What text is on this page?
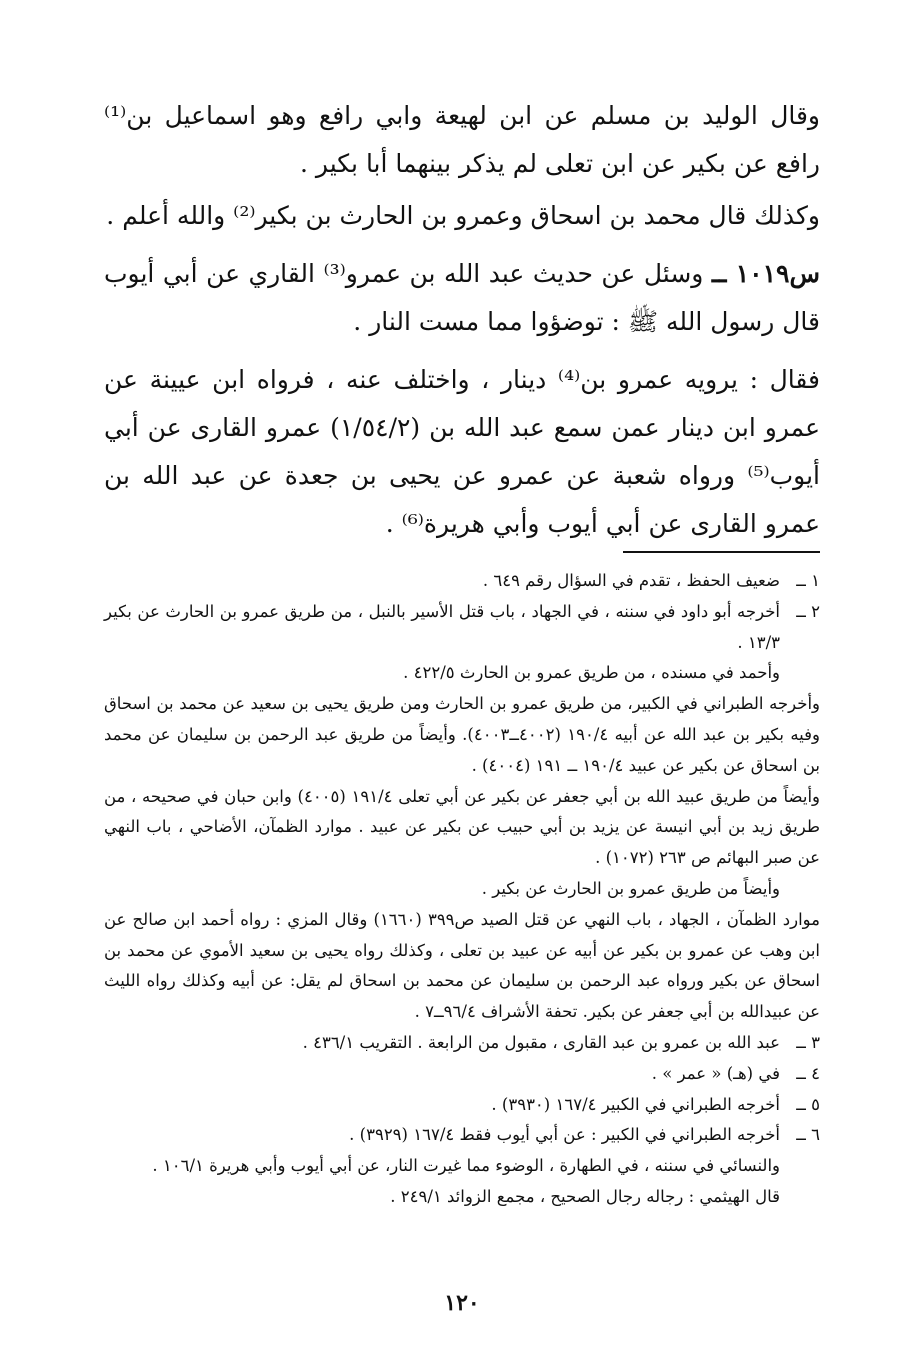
وقال الوليد بن مسلم عن ابن لهيعة وابي رافع وهو اسماعيل بن⁽¹⁾ رافع عن بكير عن ابن تعلى لم يذكر بينهما أبا بكير .

وكذلك قال محمد بن اسحاق وعمرو بن الحارث بن بكير⁽²⁾ والله أعلم .

س١٠١٩ ــ وسئل عن حديث عبد الله بن عمرو⁽³⁾ القاري عن أبي أيوب قال رسول الله ﷺ : توضؤوا مما مست النار .

فقال : يرويه عمرو بن⁽⁴⁾ دينار ، واختلف عنه ، فرواه ابن عيينة عن عمرو ابن دينار عمن سمع عبد الله بن (١/٥٤/٢) عمرو القارى عن أبي أيوب⁽⁵⁾ ورواه شعبة عن عمرو عن يحيى بن جعدة عن عبد الله بن عمرو القارى عن أبي أيوب وأبي هريرة⁽⁶⁾ .

١ ــ
ضعيف الحفظ ، تقدم في السؤال رقم ٦٤٩ .
٢ ــ
أخرجه أبو داود في سننه ، في الجهاد ، باب قتل الأسير بالنبل ، من طريق عمرو بن الحارث عن بكير ١٣/٣ .
وأحمد في مسنده ، من طريق عمرو بن الحارث ٤٢٢/٥ .
وأخرجه الطبراني في الكبير، من طريق عمرو بن الحارث ومن طريق يحيى بن سعيد عن محمد بن اسحاق وفيه بكير بن عبد الله عن أبيه ١٩٠/٤ (٤٠٠٢ــ٤٠٠٣). وأيضاً من طريق عبد الرحمن بن سليمان عن محمد بن اسحاق عن بكير عن عبيد ١٩٠/٤ ــ ١٩١ (٤٠٠٤) .
وأيضاً من طريق عبيد الله بن أبي جعفر عن بكير عن أبي تعلى ١٩١/٤ (٤٠٠٥) وابن حبان في صحيحه ، من طريق زيد بن أبي انيسة عن يزيد بن أبي حبيب عن بكير عن عبيد . موارد الظمآن، الأضاحي ، باب النهي عن صبر البهائم ص ٢٦٣ (١٠٧٢) .
وأيضاً من طريق عمرو بن الحارث عن بكير .
موارد الظمآن ، الجهاد ، باب النهي عن قتل الصيد ص٣٩٩ (١٦٦٠) وقال المزي : رواه أحمد ابن صالح عن ابن وهب عن عمرو بن بكير عن أبيه عن عبيد بن تعلى ، وكذلك رواه يحيى بن سعيد الأموي عن محمد بن اسحاق عن بكير ورواه عبد الرحمن بن سليمان عن محمد بن اسحاق لم يقل: عن أبيه وكذلك رواه الليث عن عبيدالله بن أبي جعفر عن بكير. تحفة الأشراف ٩٦/٤ــ٧ .
٣ ــ
عبد الله بن عمرو بن عبد القارى ، مقبول من الرابعة . التقريب ٤٣٦/١ .
٤ ــ
في (هـ) « عمر » .
٥ ــ
أخرجه الطبراني في الكبير ١٦٧/٤ (٣٩٣٠) .
٦ ــ
أخرجه الطبراني في الكبير : عن أبي أيوب فقط ١٦٧/٤ (٣٩٢٩) .
والنسائي في سننه ، في الطهارة ، الوضوء مما غيرت النار، عن أبي أيوب وأبي هريرة ١٠٦/١ .
قال الهيثمي : رجاله رجال الصحيح ، مجمع الزوائد ٢٤٩/١ .
١٢٠
